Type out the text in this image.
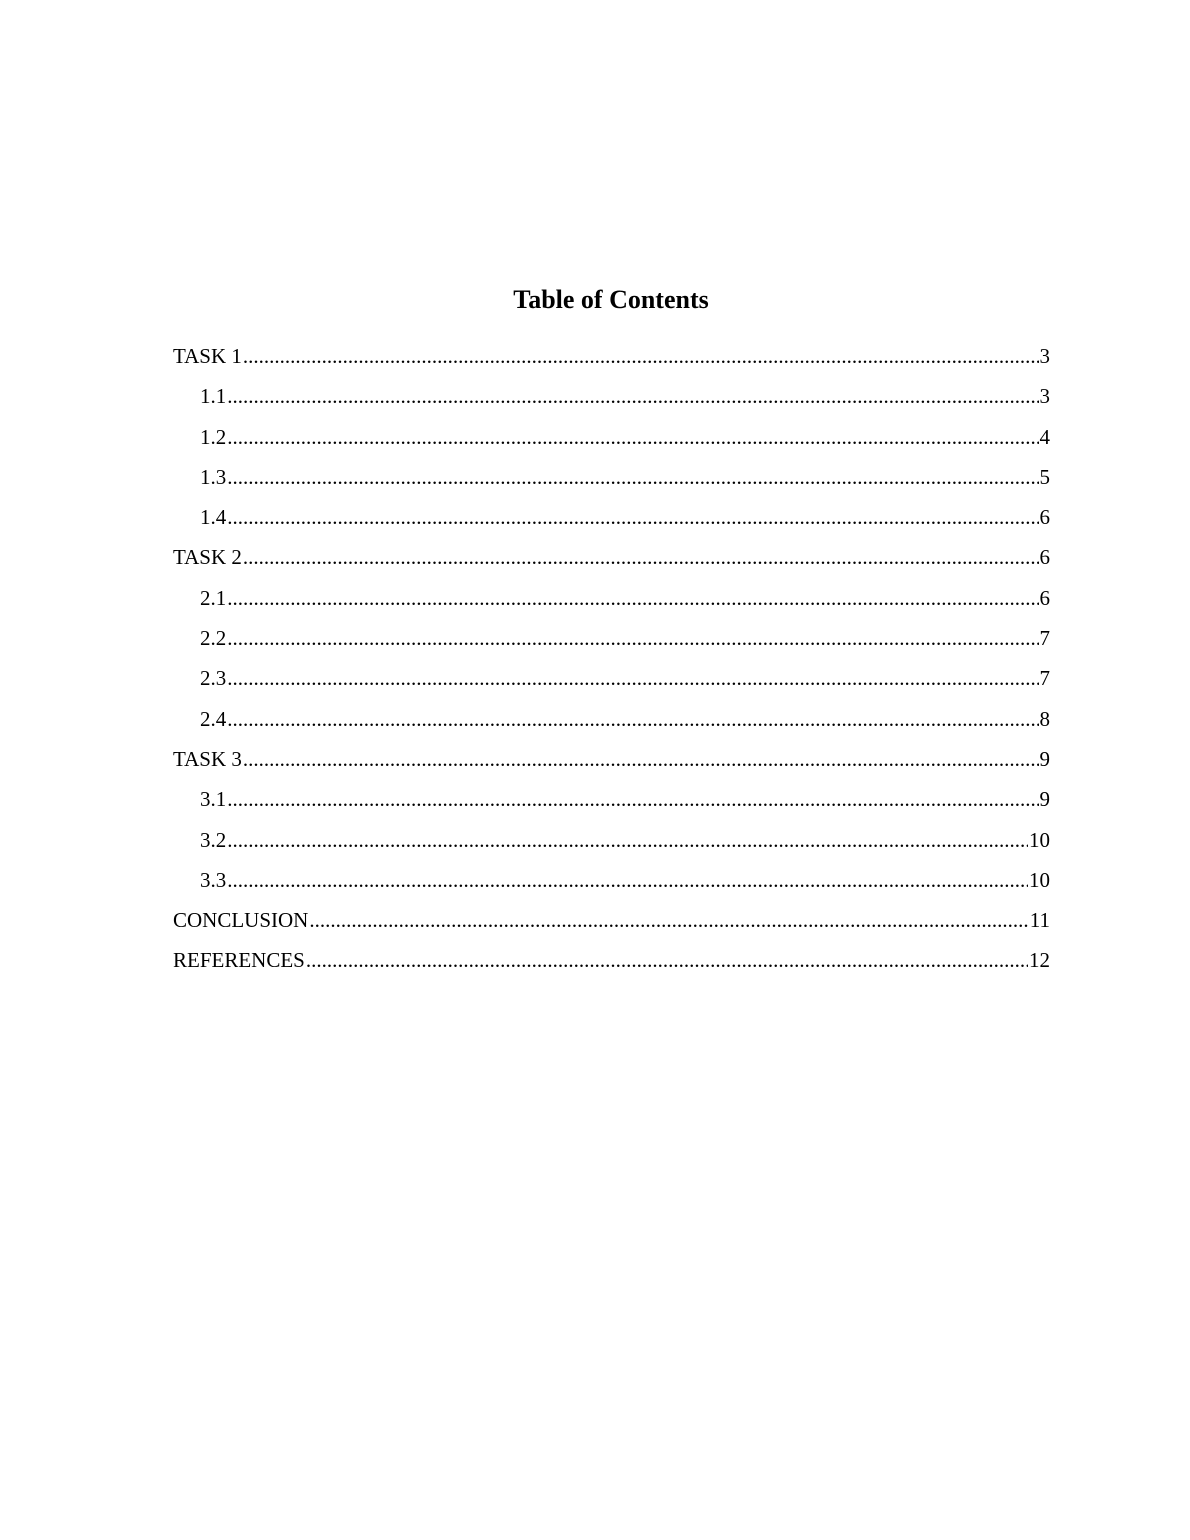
Table of Contents
TASK 1 .....	3
1.1 .....	3
1.2 .....	4
1.3 .....	5
1.4 .....	6
TASK 2 .....	6
2.1 .....	6
2.2 .....	7
2.3 .....	7
2.4 .....	8
TASK 3 .....	9
3.1 .....	9
3.2 .....	10
3.3 .....	10
CONCLUSION .....	11
REFERENCES .....	12
